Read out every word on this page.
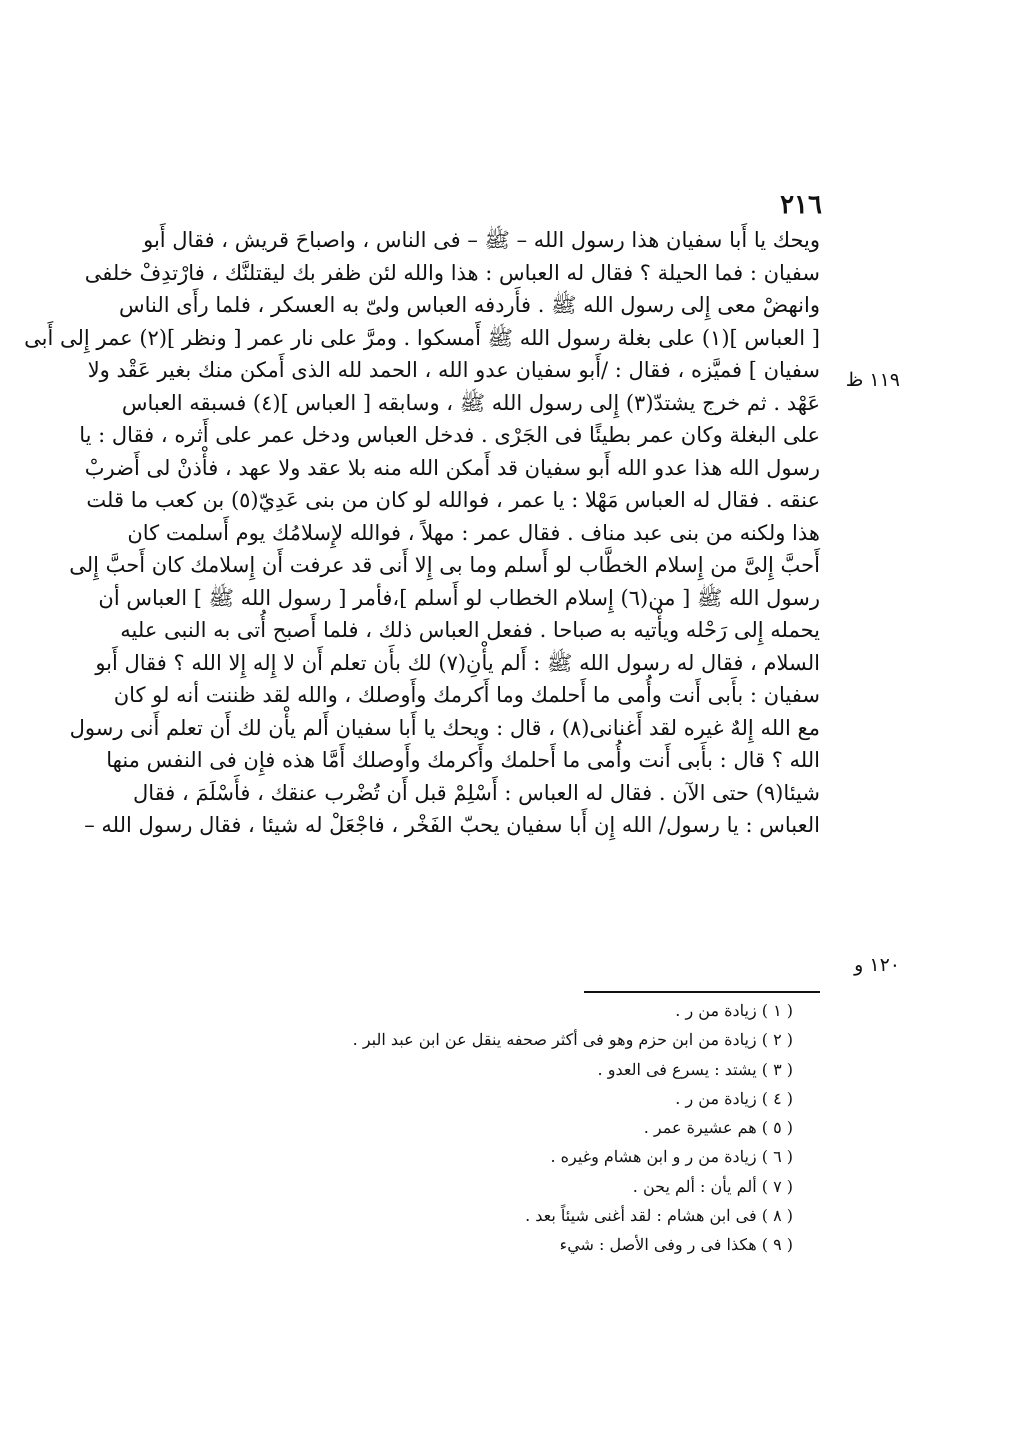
٢١٦
١١٩ ظ
١٢٠ و
ويحك يا أَبا سفيان هذا رسول الله – ﷺ – فى الناس ، واصباحَ قريش ، فقال أَبو
سفيان : فما الحيلة ؟ فقال له العباس : هذا والله لئن ظفر بك ليقتلنَّك ، فارْتدِفْ خلفى
وانهضْ معى إِلى رسول الله ﷺ . فأَردفه العباس ولىّ به العسكر ، فلما رأَى الناس
[ العباس ](١) على بغلة رسول الله ﷺ أَمسكوا . ومرَّ على نار عمر [ ونظر ](٢) عمر إِلى أَبى
سفيان ] فميَّزه ، فقال : /أَبو سفيان عدو الله ، الحمد لله الذى أَمكن منك بغير عَقْد ولا
عَهْد . ثم خرج يشتدّ(٣) إِلى رسول الله ﷺ ، وسابقه [ العباس ](٤) فسبقه العباس
على البغلة وكان عمر بطيئًا فى الجَرْى . فدخل العباس ودخل عمر على أَثره ، فقال : يا
رسول الله هذا عدو الله أَبو سفيان قد أَمكن الله منه بلا عقد ولا عهد ، فأْذنْ لى أَضربْ
عنقه . فقال له العباس مَهْلا : يا عمر ، فوالله لو كان من بنى عَدِيّ(٥) بن كعب ما قلت
هذا ولكنه من بنى عبد مناف . فقال عمر : مهلاً ، فوالله لإِسلامُك يوم أَسلمت كان
أَحبَّ إِلىَّ من إِسلام الخطَّاب لو أَسلم وما بى إِلا أَنى قد عرفت أَن إِسلامك كان أَحبَّ إِلى
رسول الله ﷺ [ من(٦) إِسلام الخطاب لو أَسلم ]،فأمر [ رسول الله ﷺ ] العباس أن
يحمله إِلى رَحْله ويأْتيه به صباحا . ففعل العباس ذلك ، فلما أَصبح أُتى به النبى عليه
السلام ، فقال له رسول الله ﷺ : أَلم يأْنِ(٧) لك بأَن تعلم أَن لا إِله إِلا الله ؟ فقال أَبو
سفيان : بأَبى أَنت وأُمى ما أَحلمك وما أَكرمك وأَوصلك ، والله لقد ظننت أنه لو كان
مع الله إِلهٌ غيره لقد أَغنانى(٨) ، قال : ويحك يا أَبا سفيان أَلم يأْن لك أَن تعلم أَنى رسول
الله ؟ قال : بأَبى أَنت وأُمى ما أَحلمك وأَكرمك وأَوصلك أَمَّا هذه فإِن فى النفس منها
شيئا(٩) حتى الآن . فقال له العباس : أَسْلِمْ قبل أَن تُضْرب عنقك ، فأَسْلَمَ ، فقال
العباس : يا رسول/ الله إِن أَبا سفيان يحبّ الفَخْر ، فاجْعَلْ له شيئا ، فقال رسول الله –
( ١ ) زيادة من ر .
( ٢ ) زيادة من ابن حزم وهو فى أكثر صحفه ينقل عن ابن عبد البر .
( ٣ ) يشتد : يسرع فى العدو .
( ٤ ) زيادة من ر .
( ٥ ) هم عشيرة عمر .
( ٦ ) زيادة من ر و ابن هشام وغيره .
( ٧ ) ألم يأن : ألم يحن .
( ٨ ) فى ابن هشام : لقد أغنى شيئاً بعد .
( ٩ ) هكذا فى ر وفى الأصل : شيء
